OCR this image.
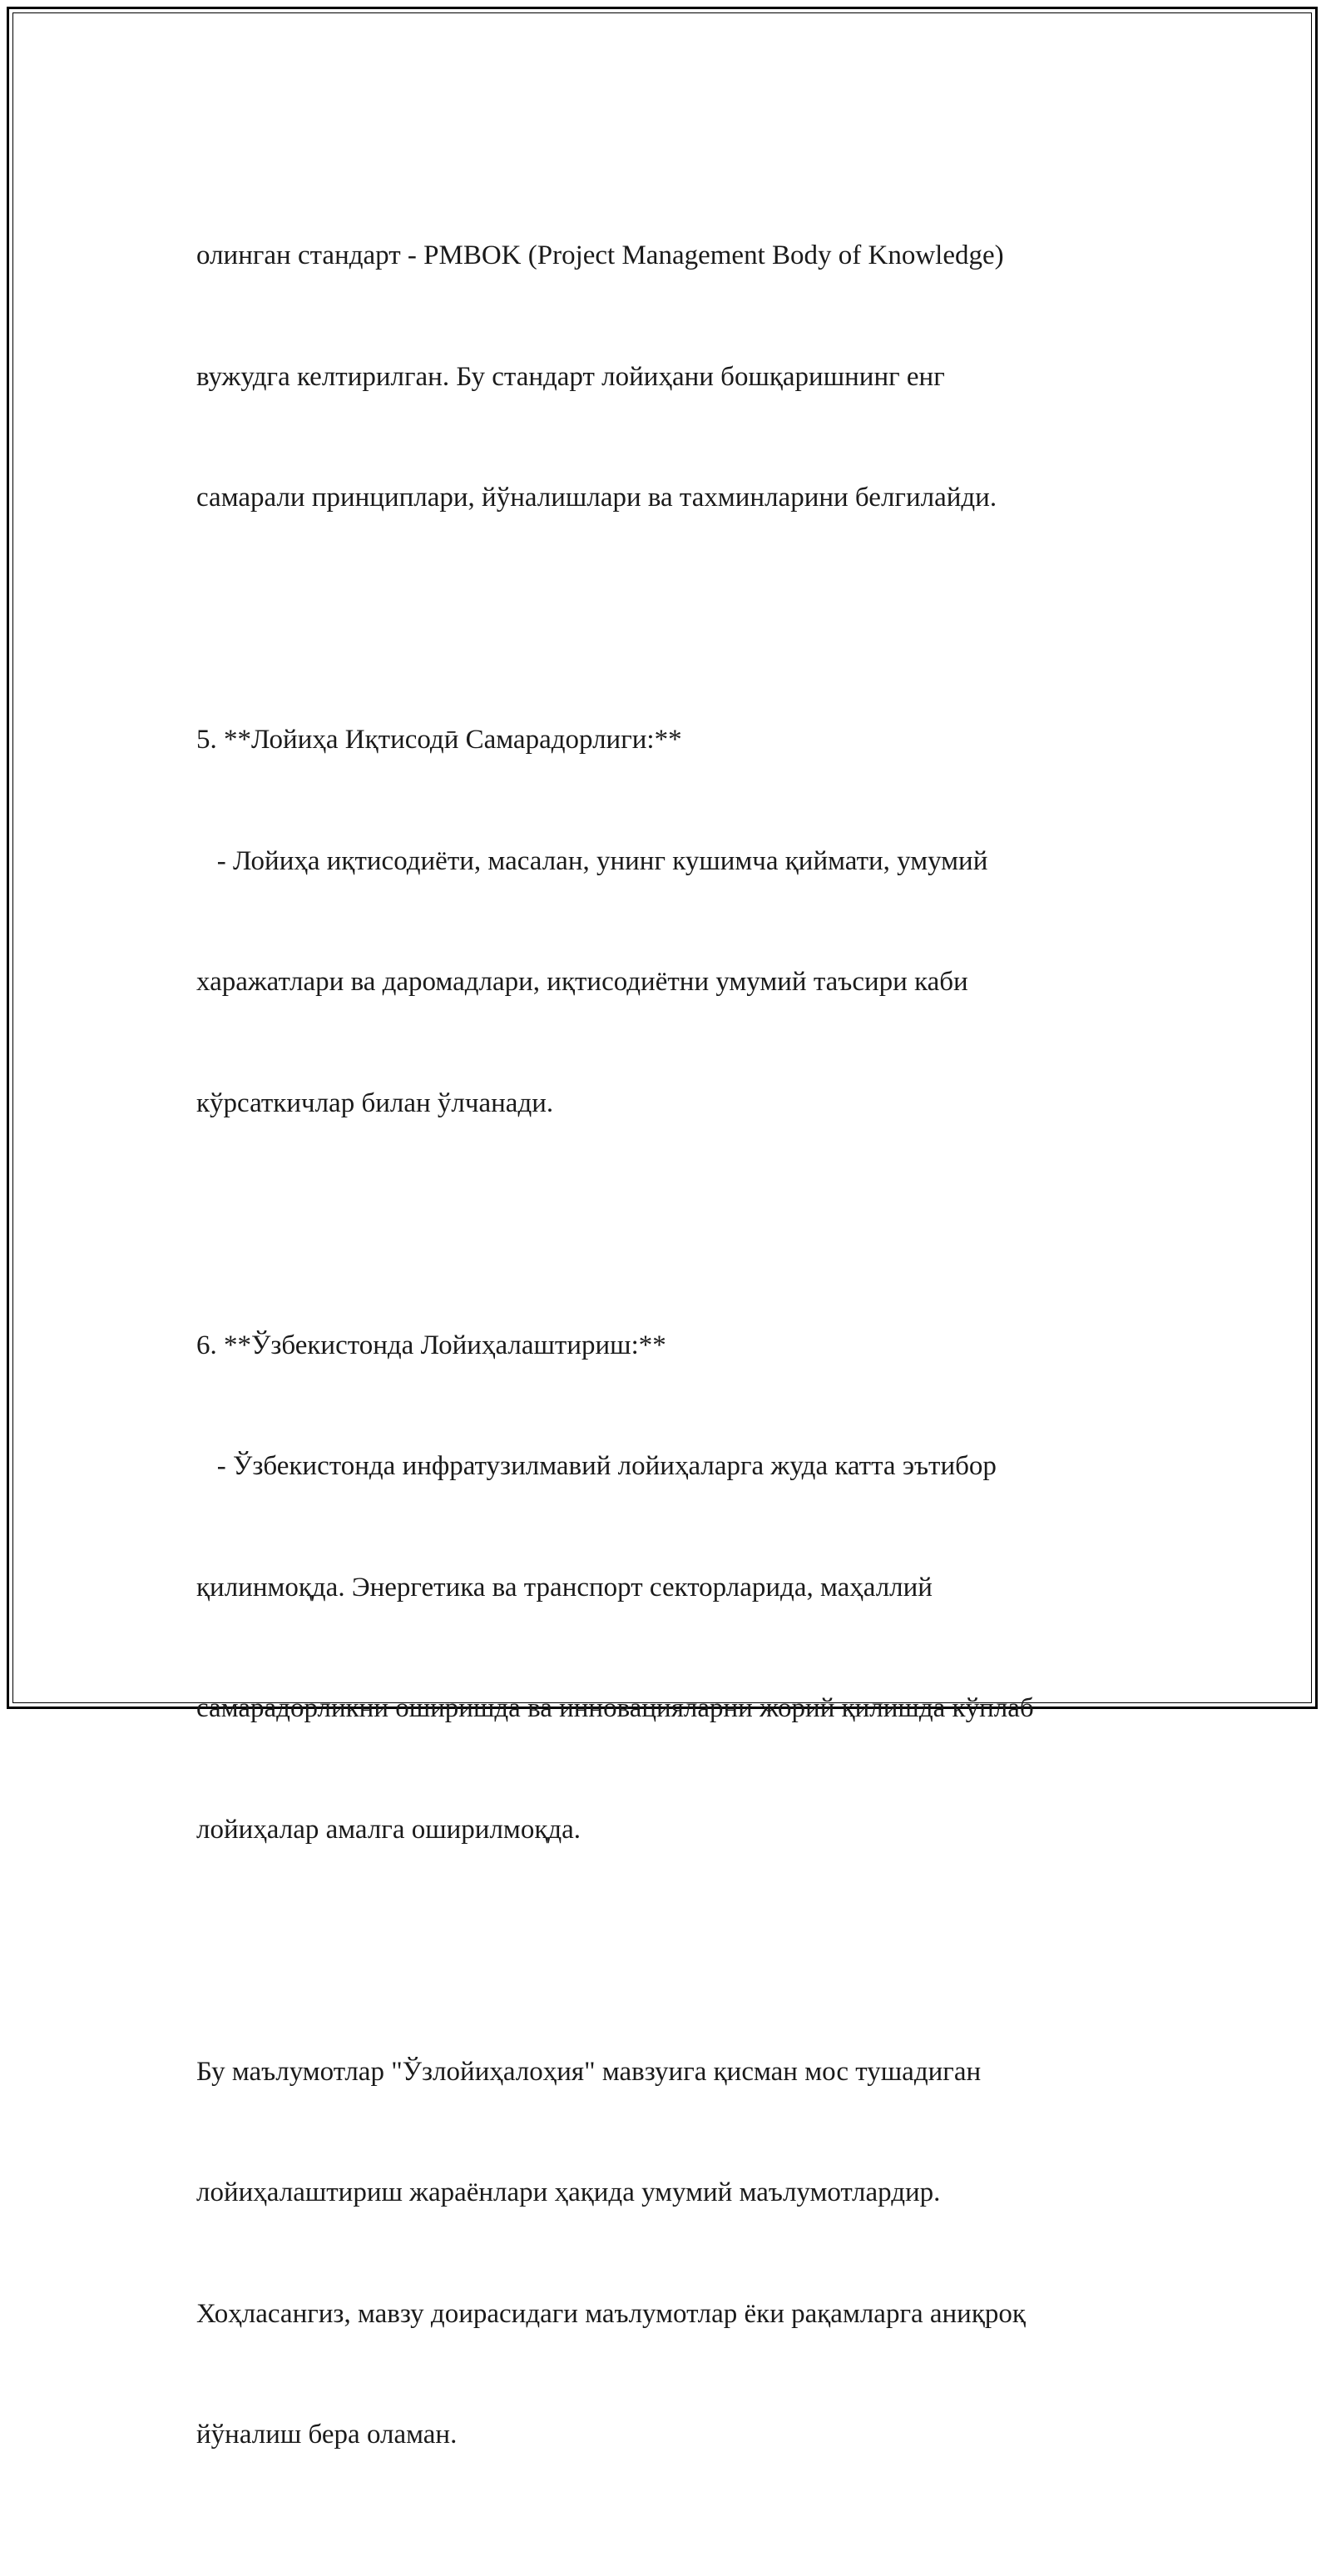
олинган стандарт - PMBOK (Project Management Body of Knowledge)

вужудга келтирилган. Бу стандарт лойиҳани бошқаришнинг енг

самарали принциплари, йўналишлари ва тахминларини белгилайди.

5. **Лойиҳа Иқтисодӣ Самарадорлиги:**

- Лойиҳа иқтисодиёти, масалан, унинг кушимча қиймати, умумий

харажатлари ва даромадлари, иқтисодиётни умумий таъсири каби

кўрсаткичлар билан ўлчанади.

6. **Ўзбекистонда Лойиҳалаштириш:**

- Ўзбекистонда инфратузилмавий лойиҳаларга жуда катта эътибор

қилинмоқда. Энергетика ва транспорт секторларида, маҳаллий

самарадорликни оширишда ва инновацияларни жорий қилишда кўплаб

лойиҳалар амалга оширилмоқда.

Бу маълумотлар "Ўзлойиҳалоҳия" мавзуига қисман мос тушадиган

лойиҳалаштириш жараёнлари ҳақида умумий маълумотлардир.

Хоҳласангиз, мавзу доирасидаги маълумотлар ёки рақамларга аниқроқ

йўналиш бера оламан.
